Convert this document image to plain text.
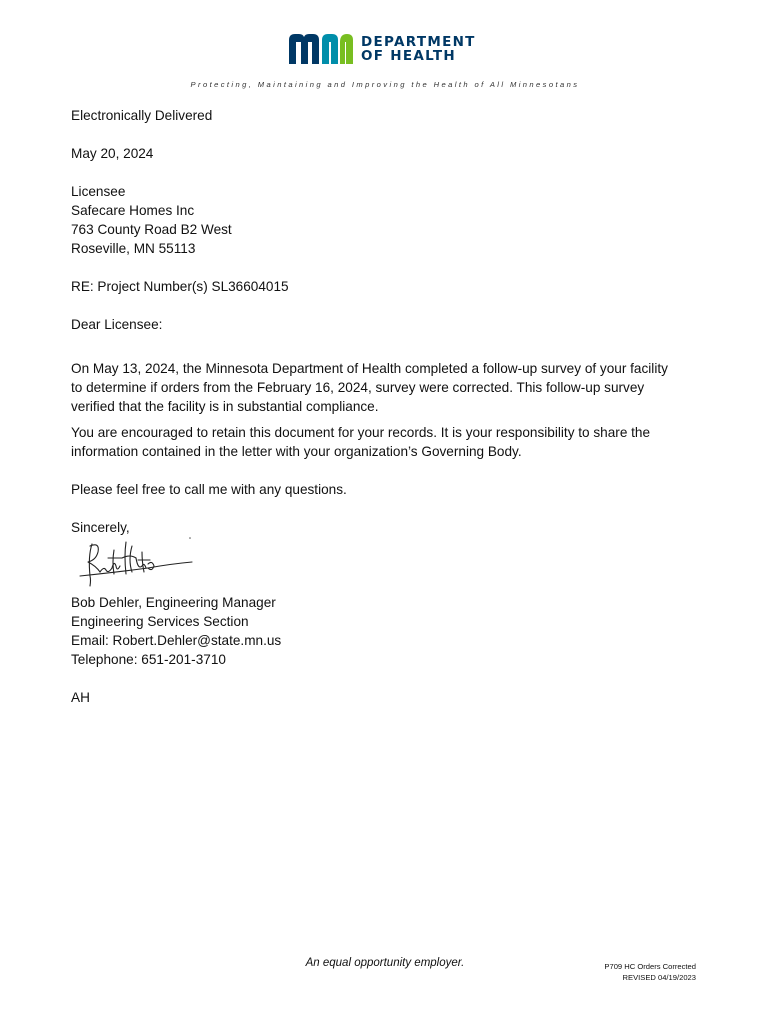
DEPARTMENT
OF HEALTH
Protecting, Maintaining and Improving the Health of All Minnesotans
Electronically Delivered
May 20, 2024
Licensee
Safecare Homes Inc
763 County Road B2 West
Roseville, MN 55113
RE: Project Number(s) SL36604015
Dear Licensee:
On May 13, 2024, the Minnesota Department of Health completed a follow-up survey of your facility
to determine if orders from the February 16, 2024, survey were corrected. This follow-up survey
verified that the facility is in substantial compliance.
You are encouraged to retain this document for your records. It is your responsibility to share the
information contained in the letter with your organization’s Governing Body.
Please feel free to call me with any questions.
Sincerely,
Bob Dehler, Engineering Manager
Engineering Services Section
Email: Robert.Dehler@state.mn.us
Telephone: 651-201-3710
AH
An equal opportunity employer.	P709 HC Orders Corrected
REVISED 04/19/2023
